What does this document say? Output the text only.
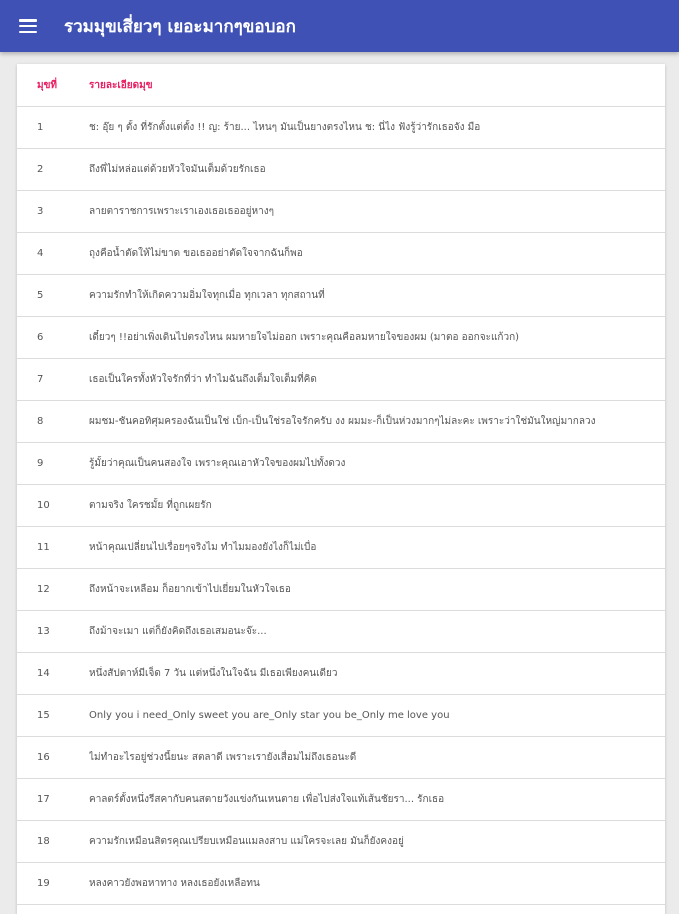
รวมมุขเสี่ยวๆ เยอะมากๆขอบอก
มุขที่	รายละเอียดมุข
1	ช: อุ๊ย ๆ ตั้ง ที่รักตั้งแต่ตั้ง !! ญ: ร้าย... ไหนๆ มันเป็นยางตรงไหน ช: นี่ไง ฟังรู้ว่ารักเธอจัง มือ
2	ถึงพี่ไม่หล่อแต่ด้วยหัวใจมันเต็มด้วยรักเธอ
3	ลายตาราชการเพราะเราเองเธอเธออยู่หางๆ
4	ถุงคือน้ำตัดให้ไม่ขาด ขอเธออย่าตัดใจจากฉันก็พอ
5	ความรักทำให้เกิดความอิ่มใจทุกเมื่อ ทุกเวลา ทุกสถานที่
6	เดี๋ยวๆ !!อย่าเพิ่งเดินไปตรงไหน ผมหายใจไม่ออก เพราะคุณคือลมหายใจของผม (มาตอ ออกจะแก้วก)
7	เธอเป็นใครทั้งหัวใจรักที่ว่า ทำไมฉันถึงเต็มใจเต็มที่คิด
8	ผมชม-ชันคอทิศุมครองฉันเป็นใช่ เบ็ก-เป็นใช่รอใจรักครับ งง ผมมะ-ก็เป็นห่วงมากๆไม่ละคะ เพราะว่าใช่มันใหญ่มากลวง
9	รู้มั้ยว่าคุณเป็นคนสองใจ เพราะคุณเอาหัวใจของผมไปทั้งดวง
10	ตามจริง ใครชมั้ย ที่ถูกเผยรัก
11	หน้าคุณเปลี่ยนไปเรื่อยๆจริงไม ทำไมมองยังไงก็ไม่เบื่อ
12	ถึงหน้าจะเหลือม ก็อยากเข้าไปเยี่ยมในหัวใจเธอ
13	ถึงม้าจะเมา แต่ก็ยังคิดถึงเธอเสมอนะจ๊ะ...
14	หนึ่งสัปดาห์มีเจ็ด 7 วัน แต่หนึ่งในใจฉัน มีเธอเพียงคนเดียว
15	Only you i need_Only sweet you are_Only star you be_Only me love you
16	ไม่ทำอะไรอยู่ช่วงนี้ยนะ สตลาดี เพราะเรายังเสื่อมไม่ถึงเธอนะดี
17	คาลตร์ตั้งหนึ่งรีสคากับคนสตายวังแข่งกันเหนตาย เพื่อไปส่งใจแท้เส้นชัยรา... รักเธอ
18	ความรักเหมือนสิตรคุณเปรียบเหมือนแมลงสาบ แม่ใครจะเลย มันก็ยังคงอยู่
19	หลงคาวยังพอหาทาง หลงเธอยังเหลือทน
